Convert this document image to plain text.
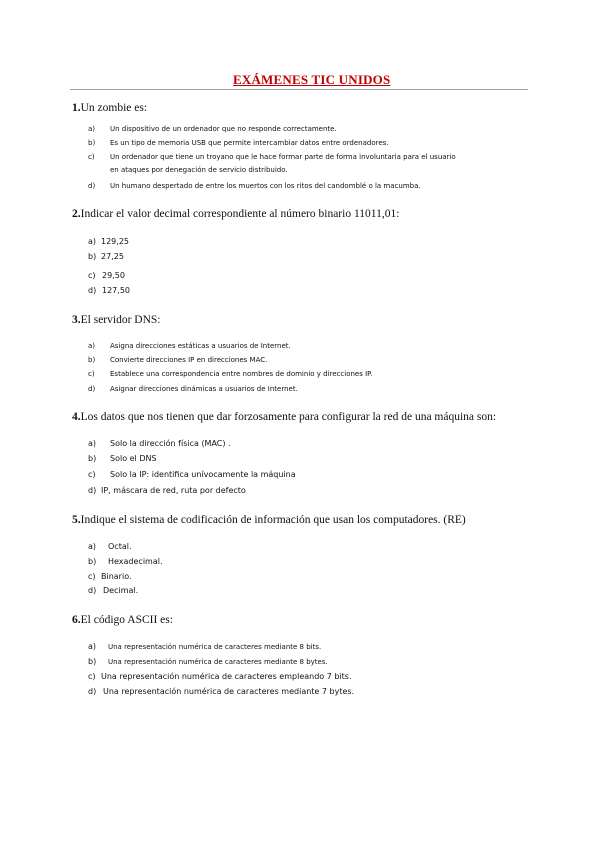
EXÁMENES TIC UNIDOS
1.Un zombie es:
a) Un dispositivo de un ordenador que no responde correctamente.
b) Es un tipo de memoria USB que permite intercambiar datos entre ordenadores.
c) Un ordenador que tiene un troyano que le hace formar parte de forma involuntaria para el usuario
en ataques por denegación de servicio distribuido.
d) Un humano despertado de entre los muertos con los ritos del candomblé o la macumba.
2.Indicar el valor decimal correspondiente al número binario 11011,01:
a) 129,25
b) 27,25
c) 29,50
d) 127,50
3.El servidor DNS:
a) Asigna direcciones estáticas a usuarios de Internet.
b) Convierte direcciones IP en direcciones MAC.
c) Establece una correspondencia entre nombres de dominio y direcciones IP.
d) Asignar direcciones dinámicas a usuarios de Internet.
4.Los datos que nos tienen que dar forzosamente para configurar la red de una máquina son:
a) Solo la dirección física (MAC) .
b) Solo el DNS
c) Solo la IP: identifica unívocamente la máquina
d) IP, máscara de red, ruta por defecto
5.Indique el sistema de codificación de información que usan los computadores. (RE)
a) Octal.
b) Hexadecimal.
c) Binario.
d) Decimal.
6.El código ASCII es:
a) Una representación numérica de caracteres mediante 8 bits.
b) Una representación numérica de caracteres mediante 8 bytes.
c) Una representación numérica de caracteres empleando 7 bits.
d) Una representación numérica de caracteres mediante 7 bytes.
